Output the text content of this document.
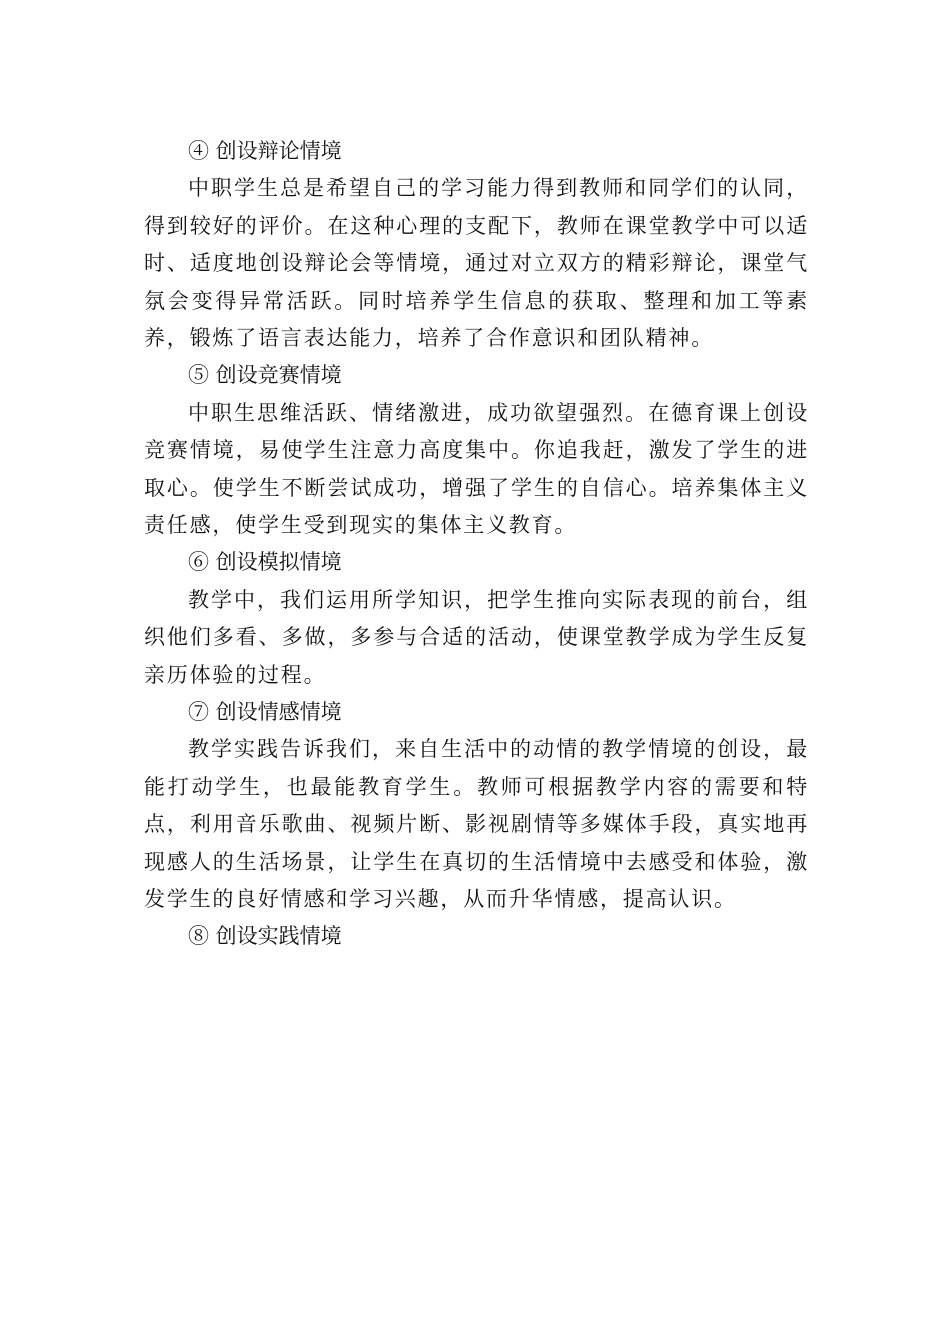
④ 创设辩论情境

中职学生总是希望自己的学习能力得到教师和同学们的认同，得到较好的评价。在这种心理的支配下，教师在课堂教学中可以适时、适度地创设辩论会等情境，通过对立双方的精彩辩论，课堂气氛会变得异常活跃。同时培养学生信息的获取、整理和加工等素养，锻炼了语言表达能力，培养了合作意识和团队精神。

⑤ 创设竞赛情境

中职生思维活跃、情绪激进，成功欲望强烈。在德育课上创设竞赛情境，易使学生注意力高度集中。你追我赶，激发了学生的进取心。使学生不断尝试成功，增强了学生的自信心。培养集体主义责任感，使学生受到现实的集体主义教育。

⑥ 创设模拟情境

教学中，我们运用所学知识，把学生推向实际表现的前台，组织他们多看、多做，多参与合适的活动，使课堂教学成为学生反复亲历体验的过程。

⑦ 创设情感情境

教学实践告诉我们，来自生活中的动情的教学情境的创设，最能打动学生，也最能教育学生。教师可根据教学内容的需要和特点，利用音乐歌曲、视频片断、影视剧情等多媒体手段，真实地再现感人的生活场景，让学生在真切的生活情境中去感受和体验，激发学生的良好情感和学习兴趣，从而升华情感，提高认识。

⑧ 创设实践情境
